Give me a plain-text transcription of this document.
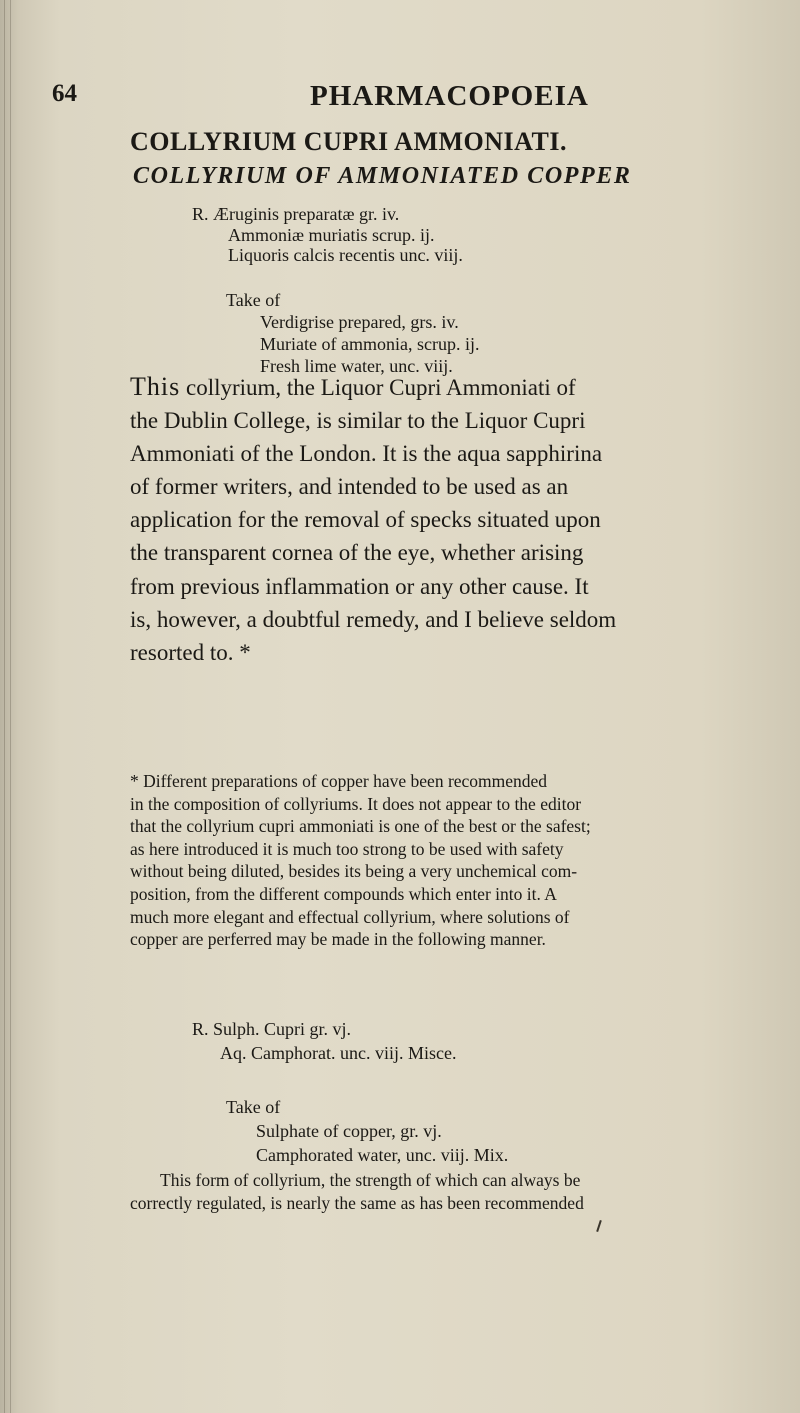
64	PHARMACOPOEIA
COLLYRIUM CUPRI AMMONIATI.
COLLYRIUM OF AMMONIATED COPPER
R. Æruginis preparatæ gr. iv.
Ammoniæ muriatis scrup. ij.
Liquoris calcis recentis unc. viij.
Take of
Verdigrise prepared, grs. iv.
Muriate of ammonia, scrup. ij.
Fresh lime water, unc. viij.
This collyrium, the Liquor Cupri Ammoniati of
the Dublin College, is similar to the Liquor Cupri
Ammoniati of the London. It is the aqua sapphirina
of former writers, and intended to be used as an
application for the removal of specks situated upon
the transparent cornea of the eye, whether arising
from previous inflammation or any other cause. It
is, however, a doubtful remedy, and I believe seldom
resorted to. *
* Different preparations of copper have been recommended
in the composition of collyriums. It does not appear to the editor
that the collyrium cupri ammoniati is one of the best or the safest;
as here introduced it is much too strong to be used with safety
without being diluted, besides its being a very unchemical com-
position, from the different compounds which enter into it. A
much more elegant and effectual collyrium, where solutions of
copper are perferred may be made in the following manner.
R. Sulph. Cupri gr. vj.
Aq. Camphorat. unc. viij. Misce.
Take of
Sulphate of copper, gr. vj.
Camphorated water, unc. viij. Mix.
This form of collyrium, the strength of which can always be
correctly regulated, is nearly the same as has been recommended
